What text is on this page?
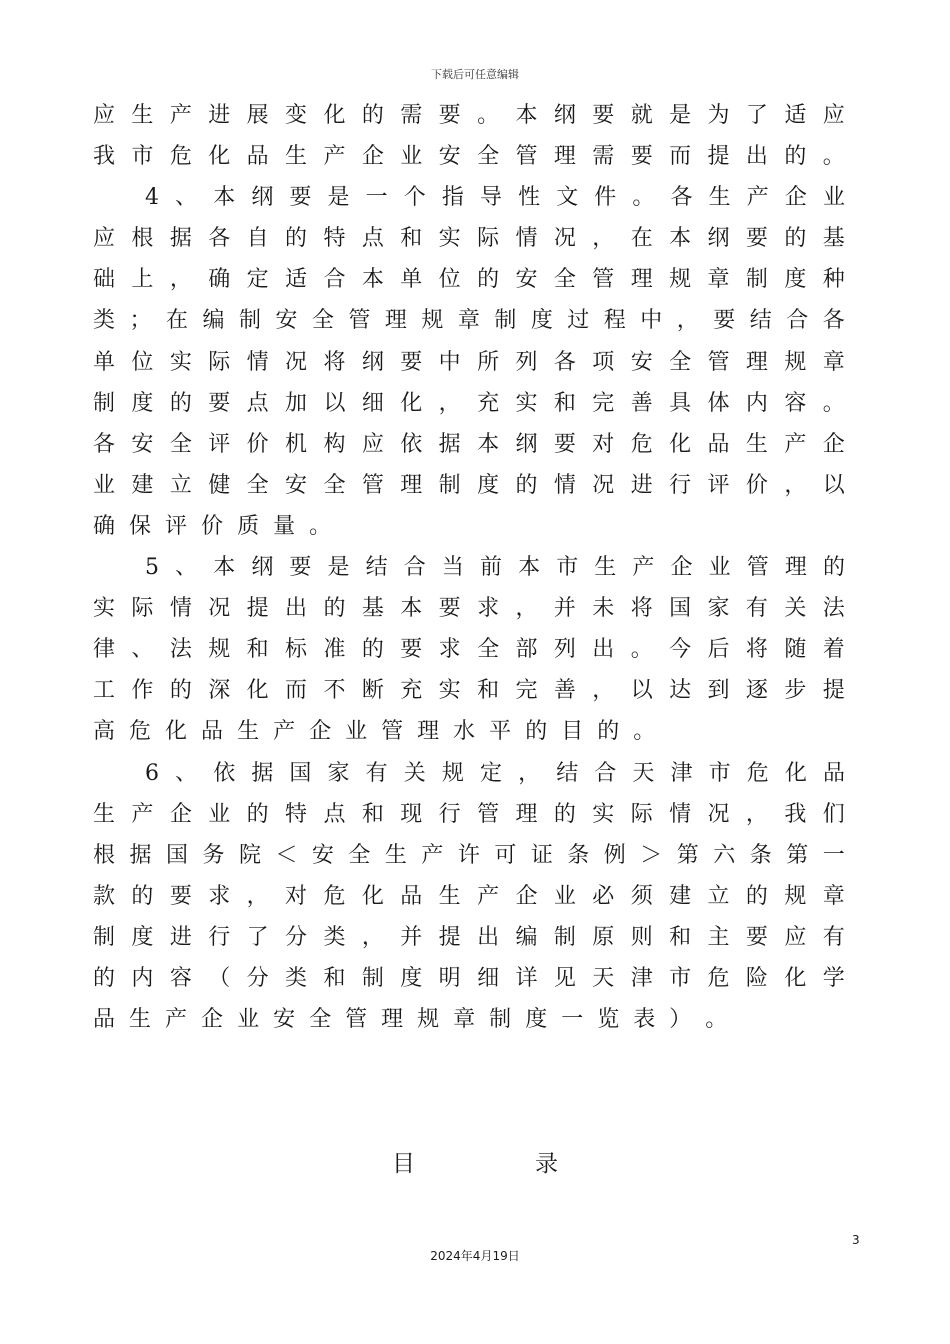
下载后可任意编辑
应 生 产 进 展 变 化 的 需 要 。 本 纲 要 就 是 为 了 适 应
我 市 危 化 品 生 产 企 业 安 全 管 理 需 要 而 提 出 的 。
4 、 本 纲 要 是 一 个 指 导 性 文 件 。 各 生 产 企 业
应 根 据 各 自 的 特 点 和 实 际 情 况 ， 在 本 纲 要 的 基
础 上 ， 确 定 适 合 本 单 位 的 安 全 管 理 规 章 制 度 种
类 ； 在 编 制 安 全 管 理 规 章 制 度 过 程 中 ， 要 结 合 各
单 位 实 际 情 况 将 纲 要 中 所 列 各 项 安 全 管 理 规 章
制 度 的 要 点 加 以 细 化 ， 充 实 和 完 善 具 体 内 容 。
各 安 全 评 价 机 构 应 依 据 本 纲 要 对 危 化 品 生 产 企
业 建 立 健 全 安 全 管 理 制 度 的 情 况 进 行 评 价 ， 以
确 保 评 价 质 量 。
5 、 本 纲 要 是 结 合 当 前 本 市 生 产 企 业 管 理 的
实 际 情 况 提 出 的 基 本 要 求 ， 并 未 将 国 家 有 关 法
律 、 法 规 和 标 准 的 要 求 全 部 列 出 。 今 后 将 随 着
工 作 的 深 化 而 不 断 充 实 和 完 善 ， 以 达 到 逐 步 提
高 危 化 品 生 产 企 业 管 理 水 平 的 目 的 。
6 、 依 据 国 家 有 关 规 定 ， 结 合 天 津 市 危 化 品
生 产 企 业 的 特 点 和 现 行 管 理 的 实 际 情 况 ， 我 们
根 据 国 务 院 ＜ 安 全 生 产 许 可 证 条 例 ＞ 第 六 条 第 一
款 的 要 求 ， 对 危 化 品 生 产 企 业 必 须 建 立 的 规 章
制 度 进 行 了 分 类 ， 并 提 出 编 制 原 则 和 主 要 应 有
的 内 容 （ 分 类 和 制 度 明 细 详 见 天 津 市 危 险 化 学
品 生 产 企 业 安 全 管 理 规 章 制 度 一 览 表 ） 。
目	录
3
2024年4月19日
